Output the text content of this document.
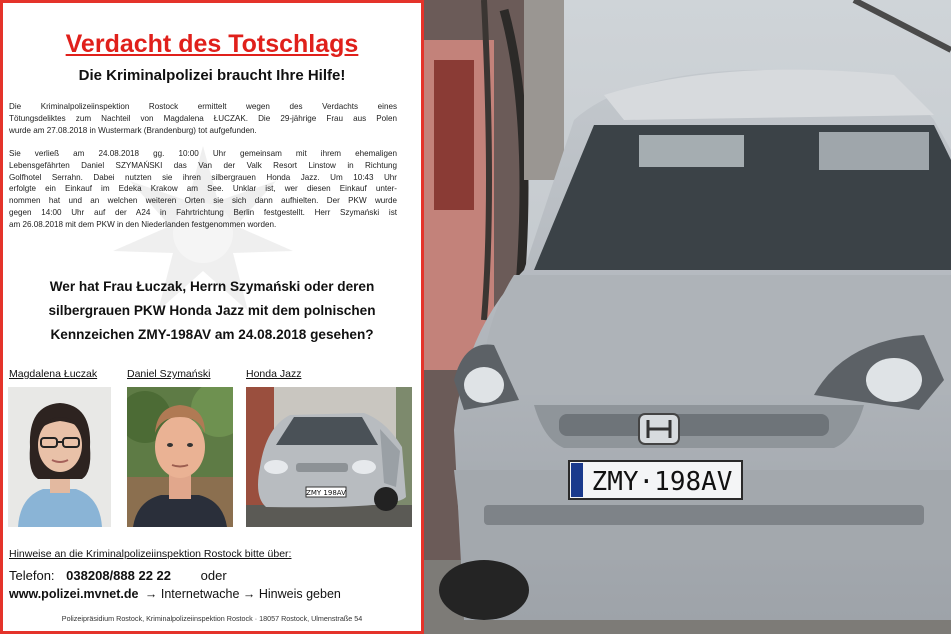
Verdacht des Totschlags
Die Kriminalpolizei braucht Ihre Hilfe!
Die Kriminalpolizeiinspektion Rostock ermittelt wegen des Verdachts eines
Tötungsdeliktes zum Nachteil von Magdalena ŁUCZAK. Die 29-jährige Frau aus Polen
wurde am 27.08.2018 in Wustermark (Brandenburg) tot aufgefunden.
Sie verließ am 24.08.2018 gg. 10:00 Uhr gemeinsam mit ihrem ehemaligen
Lebensgefährten Daniel SZYMAŃSKI das Van der Valk Resort Linstow in Richtung
Golfhotel Serrahn. Dabei nutzten sie ihren silbergrauen Honda Jazz. Um 10:43 Uhr
erfolgte ein Einkauf im Edeka Krakow am See. Unklar ist, wer diesen Einkauf unter-
nommen hat und an welchen weiteren Orten sie sich dann aufhielten. Der PKW wurde
gegen 14:00 Uhr auf der A24 in Fahrtrichtung Berlin festgestellt. Herr Szymański ist
am 26.08.2018 mit dem PKW in den Niederlanden festgenommen worden.
Wer hat Frau Łuczak, Herrn Szymański oder deren
silbergrauen PKW Honda Jazz mit dem polnischen
Kennzeichen ZMY-198AV am 24.08.2018 gesehen?
Magdalena Łuczak	Daniel Szymański	Honda Jazz
ZMY 198AV
Hinweise an die Kriminalpolizeiinspektion Rostock bitte über:
Telefon: 038208/888 22 22 oder
www.polizei.mvnet.de → Internetwache → Hinweis geben
Polizeipräsidium Rostock, Kriminalpolizeiinspektion Rostock · 18057 Rostock, Ulmenstraße 54
ZMY·198AV
